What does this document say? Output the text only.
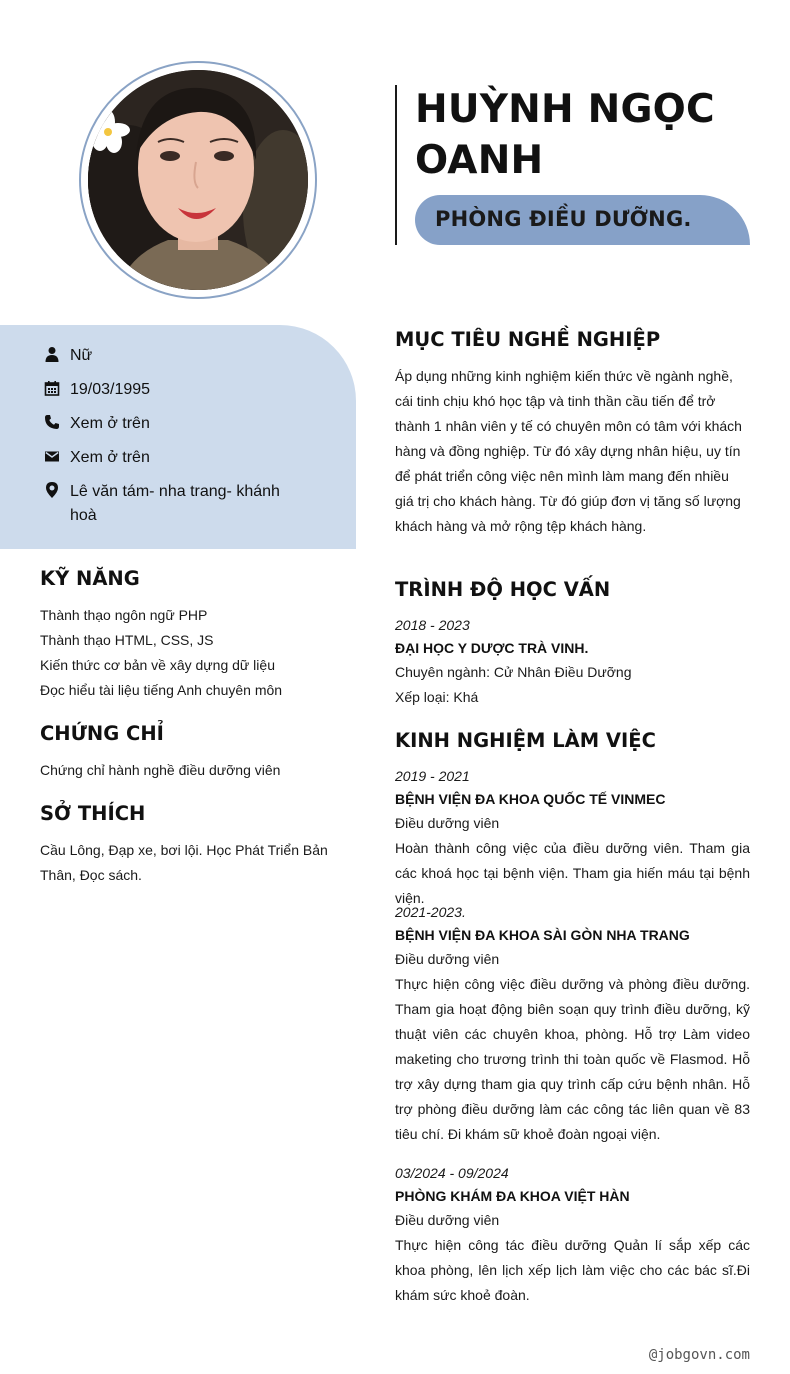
HUỲNH NGỌC OANH
PHÒNG ĐIỀU DƯỠNG.
Nữ
19/03/1995
Xem ở trên
Xem ở trên
Lê văn tám- nha trang- khánh hoà
KỸ NĂNG
Thành thạo ngôn ngữ PHP
Thành thạo HTML, CSS, JS
Kiến thức cơ bản về xây dựng dữ liệu
Đọc hiểu tài liệu tiếng Anh chuyên môn
CHỨNG CHỈ
Chứng chỉ hành nghề điều dưỡng viên
SỞ THÍCH
Cầu Lông, Đạp xe, bơi lội. Học Phát Triển Bản Thân, Đọc sách.
MỤC TIÊU NGHỀ NGHIỆP
Áp dụng những kinh nghiệm kiến thức về ngành nghề, cái tinh chịu khó học tập và tinh thần cầu tiến để trở thành 1 nhân viên y tế có chuyên môn có tâm với khách hàng và đồng nghiệp. Từ đó xây dựng nhân hiệu, uy tín để phát triển công việc nên mình làm mang đến nhiều giá trị cho khách hàng. Từ đó giúp đơn vị tăng số lượng khách hàng và mở rộng tệp khách hàng.
TRÌNH ĐỘ HỌC VẤN
2018 - 2023
ĐẠI HỌC Y DƯỢC TRÀ VINH.
Chuyên ngành: Cử Nhân Điều Dưỡng
Xếp loại: Khá
KINH NGHIỆM LÀM VIỆC
2019 - 2021
BỆNH VIỆN ĐA KHOA QUỐC TẾ VINMEC
Điều dưỡng viên
Hoàn thành công việc của điều dưỡng viên. Tham gia các khoá học tại bệnh viện. Tham gia hiến máu tại bệnh viện.
2021-2023.
BỆNH VIỆN ĐA KHOA SÀI GÒN NHA TRANG
Điều dưỡng viên
Thực hiện công việc điều dưỡng và phòng điều dưỡng. Tham gia hoạt động biên soạn quy trình điều dưỡng, kỹ thuật viên các chuyên khoa, phòng. Hỗ trợ Làm video maketing cho trương trình thi toàn quốc về Flasmod. Hỗ trợ xây dựng tham gia quy trình cấp cứu bệnh nhân. Hỗ trợ phòng điều dưỡng làm các công tác liên quan về 83 tiêu chí. Đi khám sữ khoẻ đoàn ngoại viện.
03/2024 - 09/2024
PHÒNG KHÁM ĐA KHOA VIỆT HÀN
Điều dưỡng viên
Thực hiện công tác điều dưỡng Quản lí sắp xếp các khoa phòng, lên lịch xếp lịch làm việc cho các bác sĩ.Đi khám sức khoẻ đoàn.
@jobgovn.com
